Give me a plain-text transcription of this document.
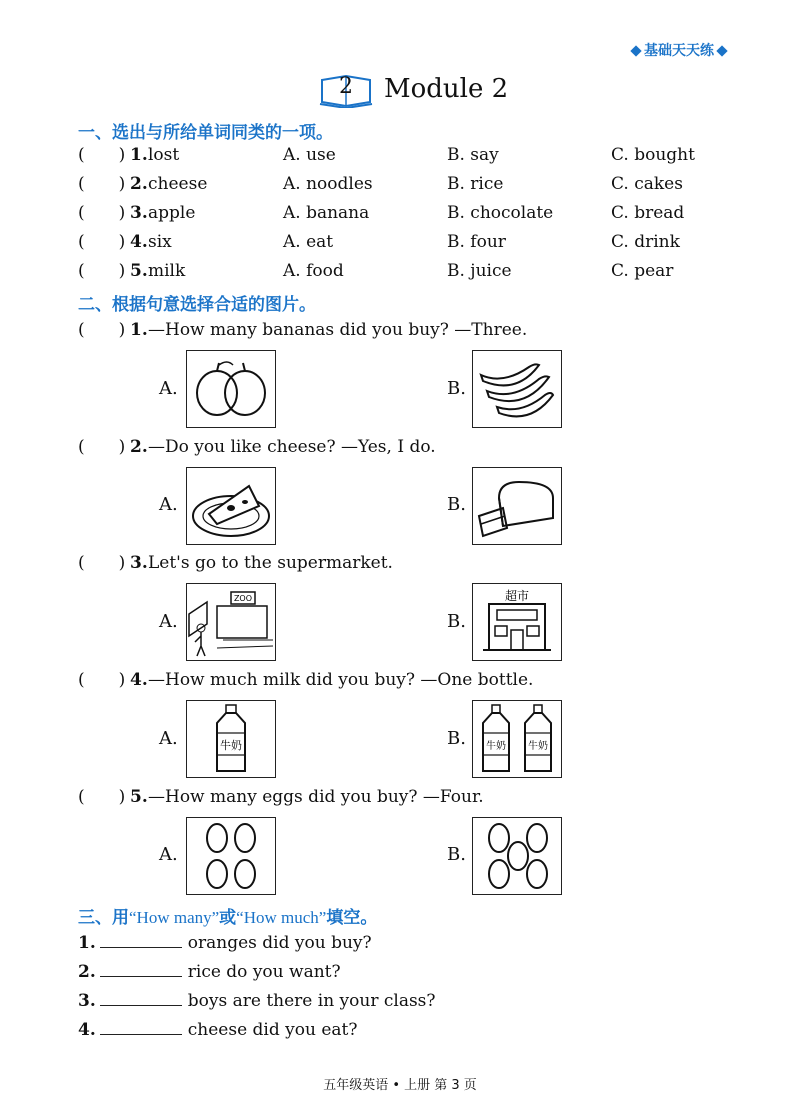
基础天天练
2 Module 2
一、选出与所给单词同类的一项。
(  ) 1. lost	A. use	B. say	C. bought
(  ) 2. cheese	A. noodles	B. rice	C. cakes
(  ) 3. apple	A. banana	B. chocolate	C. bread
(  ) 4. six	A. eat	B. four	C. drink
(  ) 5. milk	A. food	B. juice	C. pear
二、根据句意选择合适的图片。
(  ) 1. —How many bananas did you buy? —Three.
A.	B.
(  ) 2. —Do you like cheese? —Yes, I do.
A.	B.
(  ) 3. Let's go to the supermarket.
A.
ZOO
B.
超市
(  ) 4. —How much milk did you buy? —One bottle.
A.	牛奶	B. 牛奶 牛奶
(  ) 5. —How many eggs did you buy? —Four.
A.	B.
三、用“How many”或“How much”填空。
1.	oranges did you buy?
2.	rice do you want?
3.	boys are there in your class?
4.	cheese did you eat?
五年级英语 • 上册 第 3 页
